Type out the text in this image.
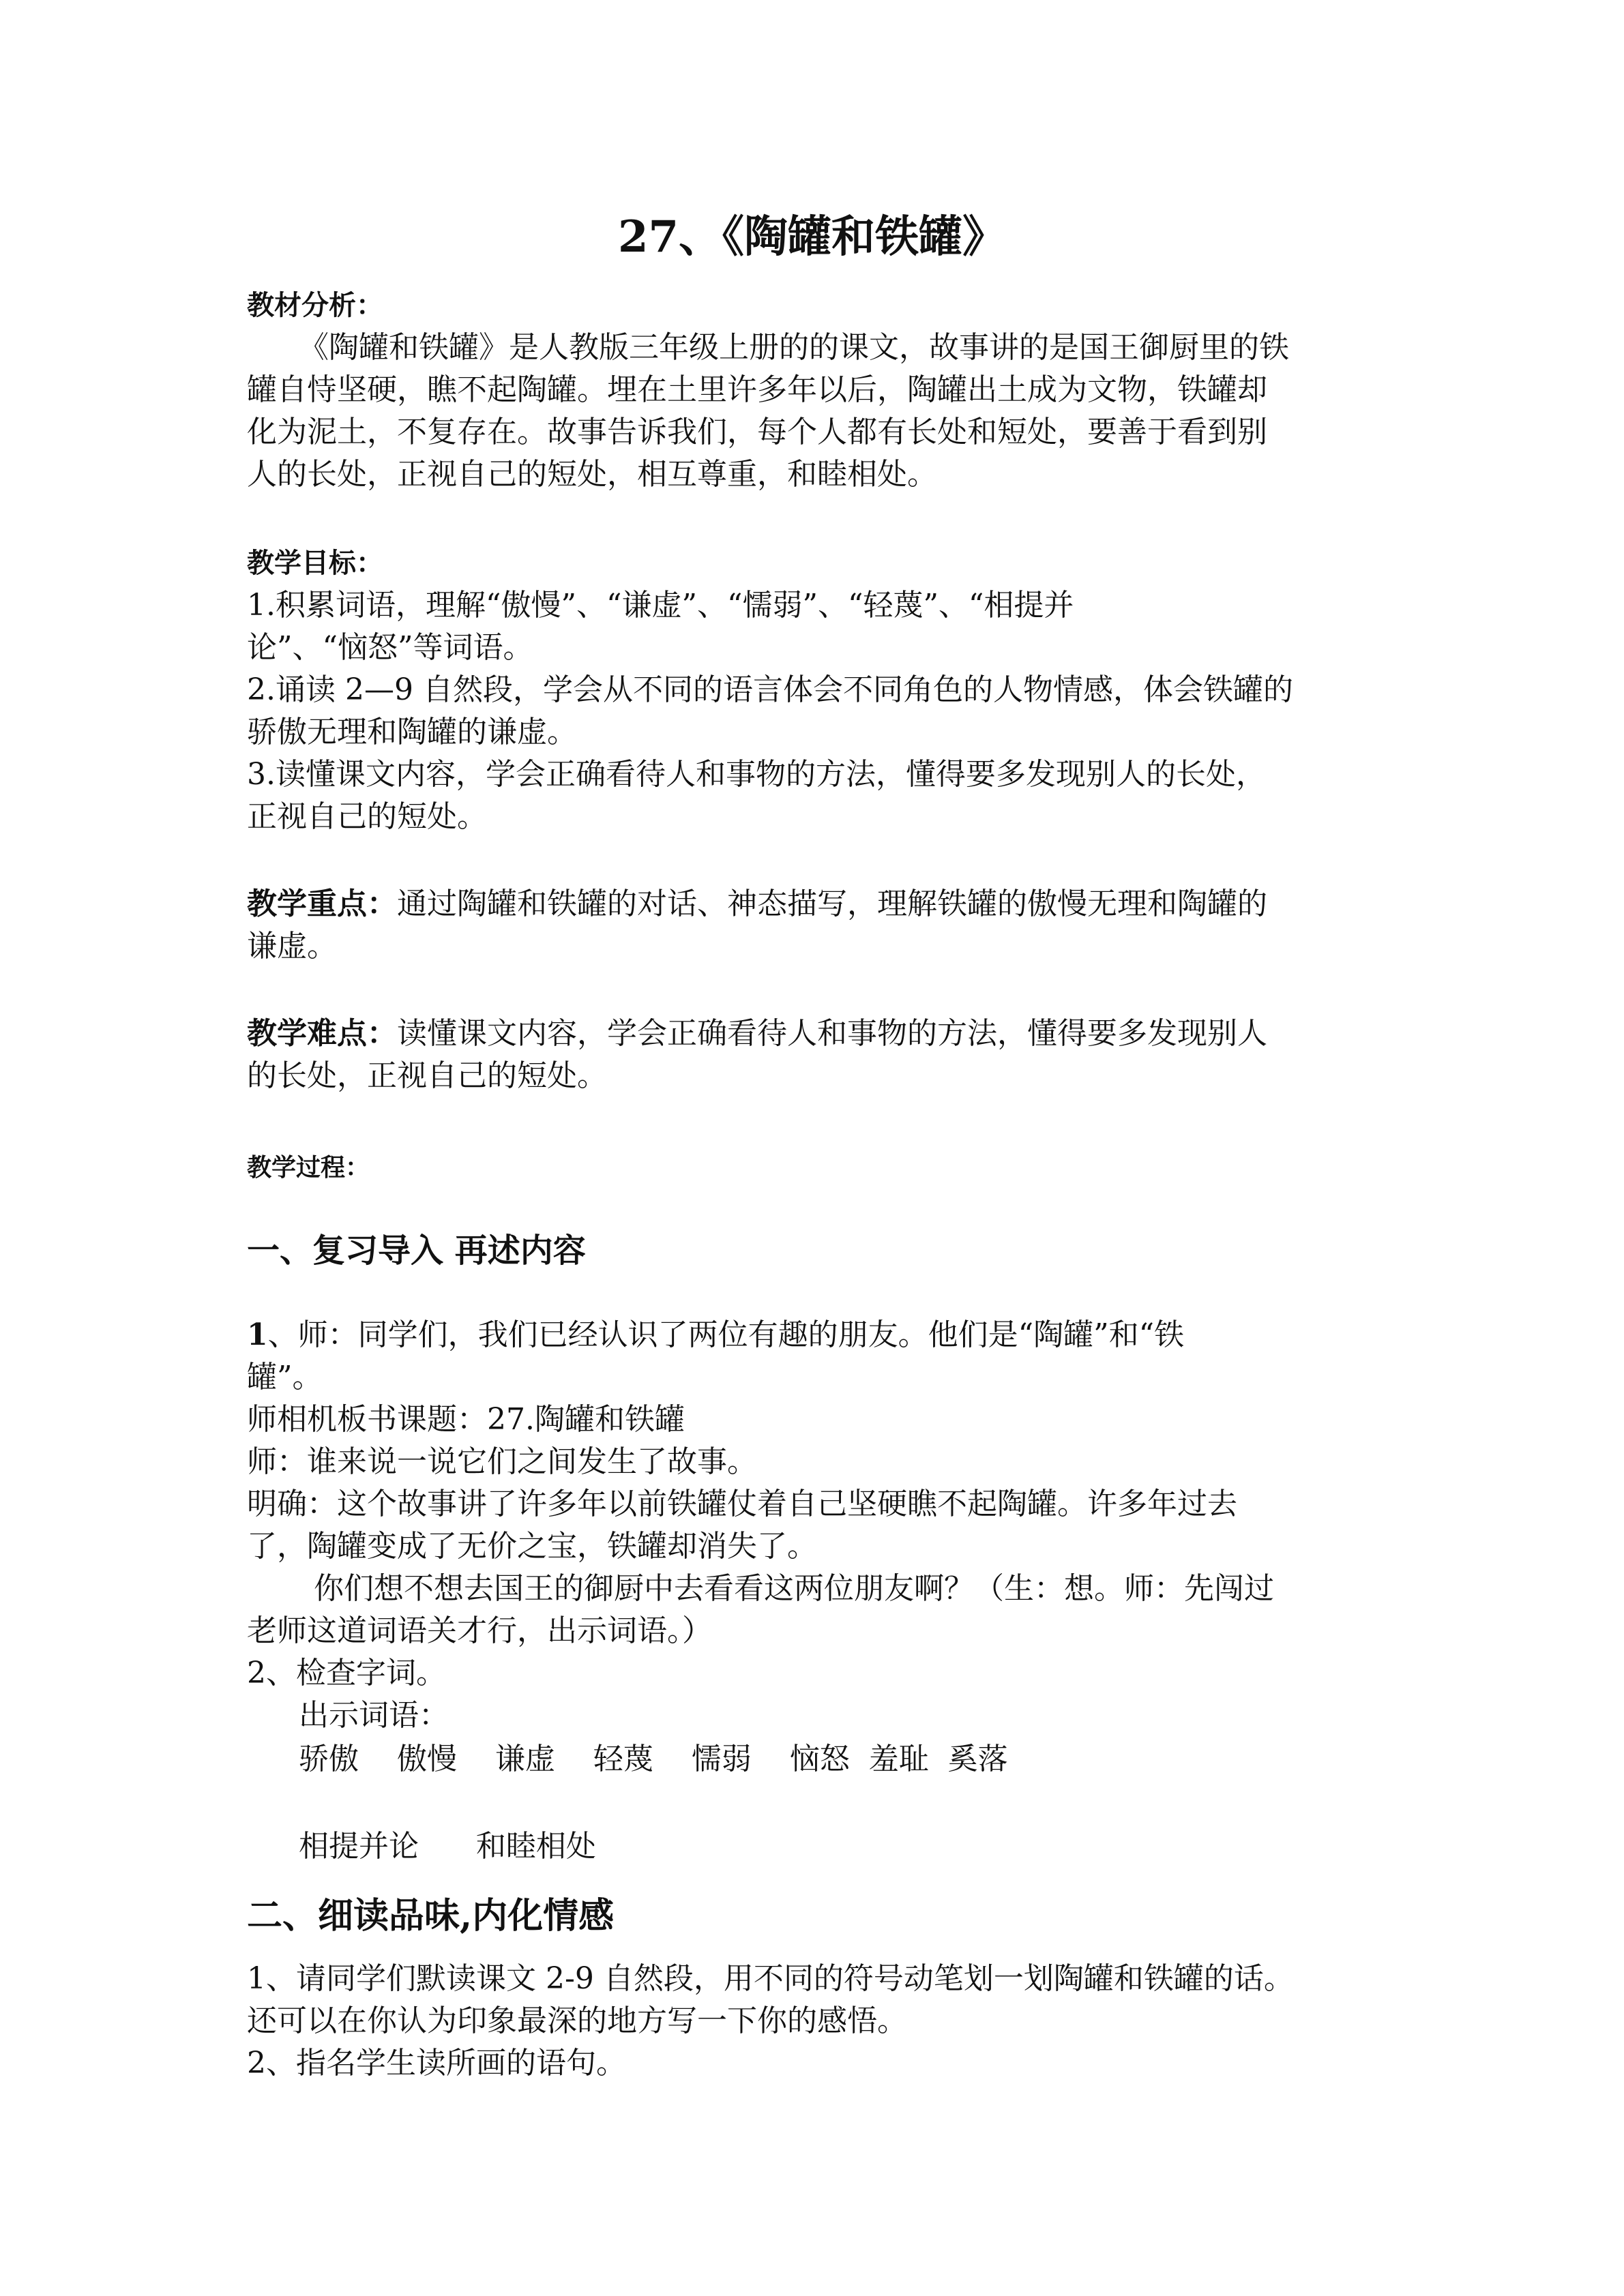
27、《陶罐和铁罐》

教材分析：

《陶罐和铁罐》是人教版三年级上册的的课文，故事讲的是国王御厨里的铁

罐自恃坚硬，瞧不起陶罐。埋在土里许多年以后，陶罐出土成为文物，铁罐却

化为泥土，不复存在。故事告诉我们，每个人都有长处和短处，要善于看到别

人的长处，正视自己的短处，相互尊重，和睦相处。

教学目标：

1.积累词语，理解“傲慢”、“谦虚”、“懦弱”、“轻蔑”、“相提并

论”、“恼怒”等词语。

2.诵读 2—9 自然段，学会从不同的语言体会不同角色的人物情感，体会铁罐的

骄傲无理和陶罐的谦虚。

3.读懂课文内容，学会正确看待人和事物的方法，懂得要多发现别人的长处，

正视自己的短处。

教学重点：通过陶罐和铁罐的对话、神态描写，理解铁罐的傲慢无理和陶罐的

谦虚。

教学难点：读懂课文内容，学会正确看待人和事物的方法，懂得要多发现别人

的长处，正视自己的短处。

教学过程：

一、复习导入 再述内容

1、师：同学们，我们已经认识了两位有趣的朋友。他们是“陶罐”和“铁

罐”。

师相机板书课题：27.陶罐和铁罐

师：谁来说一说它们之间发生了故事。

明确：这个故事讲了许多年以前铁罐仗着自己坚硬瞧不起陶罐。许多年过去

了，陶罐变成了无价之宝，铁罐却消失了。

你们想不想去国王的御厨中去看看这两位朋友啊？（生：想。师：先闯过

老师这道词语关才行，出示词语。）

2、检查字词。

出示词语：

骄傲    傲慢    谦虚    轻蔑    懦弱    恼怒  羞耻  奚落

相提并论      和睦相处

二、细读品味,内化情感

1、请同学们默读课文 2-9 自然段，用不同的符号动笔划一划陶罐和铁罐的话。

还可以在你认为印象最深的地方写一下你的感悟。

2、指名学生读所画的语句。
